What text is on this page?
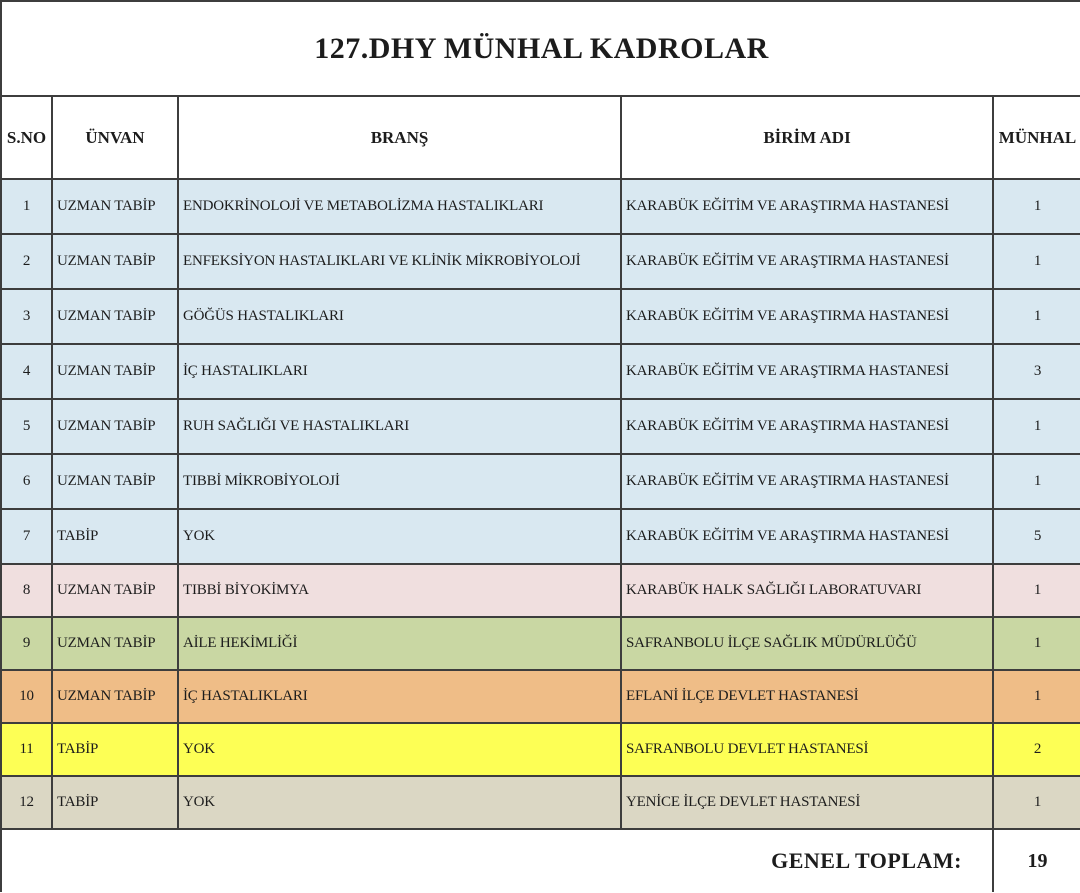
127.DHY MÜNHAL KADROLAR				
S.NO	ÜNVAN	BRANŞ	BİRİM ADI	MÜNHAL
1	UZMAN TABİP	ENDOKRİNOLOJİ VE METABOLİZMA HASTALIKLARI	KARABÜK EĞİTİM VE ARAŞTIRMA HASTANESİ	1
2	UZMAN TABİP	ENFEKSİYON HASTALIKLARI VE KLİNİK MİKROBİYOLOJİ	KARABÜK EĞİTİM VE ARAŞTIRMA HASTANESİ	1
3	UZMAN TABİP	GÖĞÜS HASTALIKLARI	KARABÜK EĞİTİM VE ARAŞTIRMA HASTANESİ	1
4	UZMAN TABİP	İÇ HASTALIKLARI	KARABÜK EĞİTİM VE ARAŞTIRMA HASTANESİ	3
5	UZMAN TABİP	RUH SAĞLIĞI VE HASTALIKLARI	KARABÜK EĞİTİM VE ARAŞTIRMA HASTANESİ	1
6	UZMAN TABİP	TIBBİ MİKROBİYOLOJİ	KARABÜK EĞİTİM VE ARAŞTIRMA HASTANESİ	1
7	TABİP	YOK	KARABÜK EĞİTİM VE ARAŞTIRMA HASTANESİ	5
8	UZMAN TABİP	TIBBİ BİYOKİMYA	KARABÜK HALK SAĞLIĞI LABORATUVARI	1
9	UZMAN TABİP	AİLE HEKİMLİĞİ	SAFRANBOLU İLÇE SAĞLIK MÜDÜRLÜĞÜ	1
10	UZMAN TABİP	İÇ HASTALIKLARI	EFLANİ İLÇE DEVLET HASTANESİ	1
11	TABİP	YOK	SAFRANBOLU DEVLET HASTANESİ	2
12	TABİP	YOK	YENİCE İLÇE DEVLET HASTANESİ	1
GENEL TOPLAM:				19
